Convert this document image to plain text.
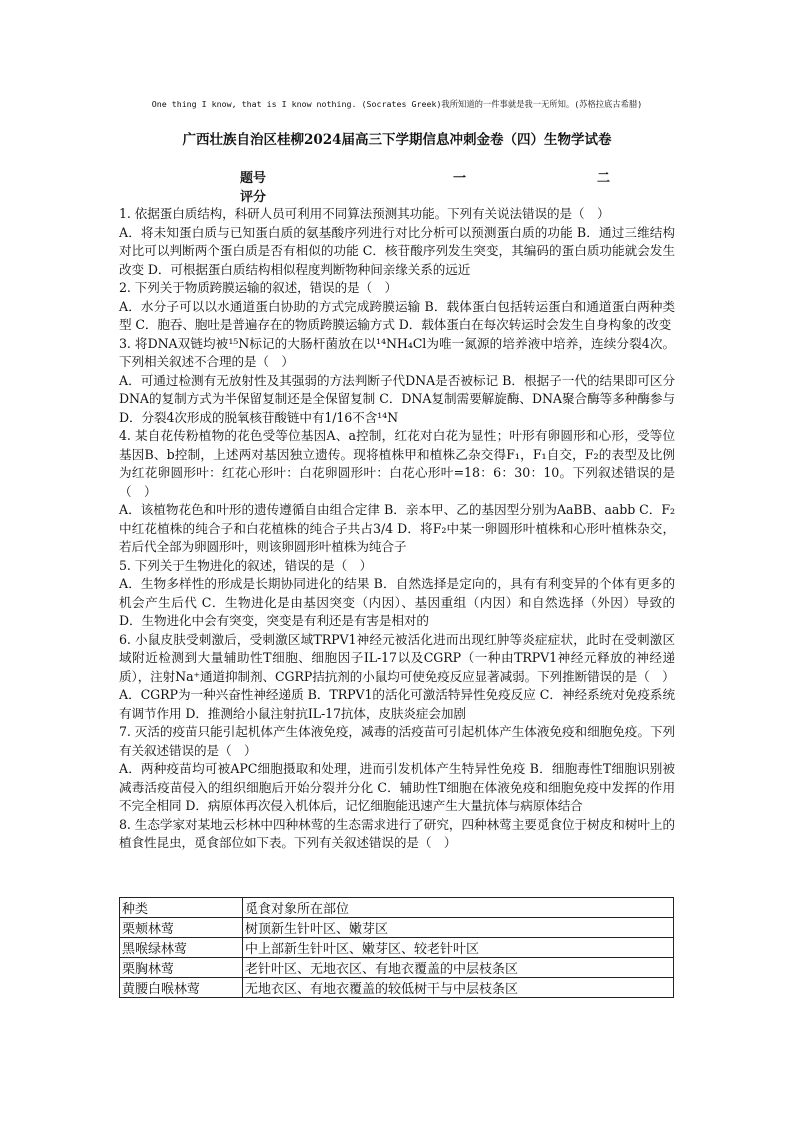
One thing I know, that is I know nothing. (Socrates Greek)我所知道的一件事就是我一无所知。(苏格拉底古希腊)
广西壮族自治区桂柳2024届高三下学期信息冲刺金卷（四）生物学试卷
题号	一	二
评分

1. 依据蛋白质结构，科研人员可利用不同算法预测其功能。下列有关说法错误的是（　）

A．将未知蛋白质与已知蛋白质的氨基酸序列进行对比分析可以预测蛋白质的功能 B．通过三维结构对比可以判断两个蛋白质是否有相似的功能 C．核苷酸序列发生突变，其编码的蛋白质功能就会发生改变 D．可根据蛋白质结构相似程度判断物种间亲缘关系的远近

2. 下列关于物质跨膜运输的叙述，错误的是（　）

A．水分子可以以水通道蛋白协助的方式完成跨膜运输 B．载体蛋白包括转运蛋白和通道蛋白两种类型 C．胞吞、胞吐是普遍存在的物质跨膜运输方式 D．载体蛋白在每次转运时会发生自身构象的改变

3. 将DNA双链均被¹⁵N标记的大肠杆菌放在以¹⁴NH₄Cl为唯一氮源的培养液中培养，连续分裂4次。下列相关叙述不合理的是（　）

A．可通过检测有无放射性及其强弱的方法判断子代DNA是否被标记 B．根据子一代的结果即可区分DNA的复制方式为半保留复制还是全保留复制 C．DNA复制需要解旋酶、DNA聚合酶等多种酶参与 D．分裂4次形成的脱氧核苷酸链中有1/16不含¹⁴N

4. 某自花传粉植物的花色受等位基因A、a控制，红花对白花为显性；叶形有卵圆形和心形，受等位基因B、b控制，上述两对基因独立遗传。现将植株甲和植株乙杂交得F₁，F₁自交，F₂的表型及比例为红花卵圆形叶：红花心形叶：白花卵圆形叶：白花心形叶=18：6：30：10。下列叙述错误的是（　）

A．该植物花色和叶形的遗传遵循自由组合定律 B．亲本甲、乙的基因型分别为AaBB、aabb C．F₂中红花植株的纯合子和白花植株的纯合子共占3/4 D．将F₂中某一卵圆形叶植株和心形叶植株杂交，若后代全部为卵圆形叶，则该卵圆形叶植株为纯合子

5. 下列关于生物进化的叙述，错误的是（　）

A．生物多样性的形成是长期协同进化的结果 B．自然选择是定向的，具有有利变异的个体有更多的机会产生后代 C．生物进化是由基因突变（内因）、基因重组（内因）和自然选择（外因）导致的 D．生物进化中会有突变，突变是有利还是有害是相对的

6. 小鼠皮肤受刺激后，受刺激区域TRPV1神经元被活化进而出现红肿等炎症症状，此时在受刺激区域附近检测到大量辅助性T细胞、细胞因子IL-17以及CGRP（一种由TRPV1神经元释放的神经递质），注射Na⁺通道抑制剂、CGRP拮抗剂的小鼠均可使免疫反应显著减弱。下列推断错误的是（　）

A．CGRP为一种兴奋性神经递质 B．TRPV1的活化可激活特异性免疫反应 C．神经系统对免疫系统有调节作用 D．推测给小鼠注射抗IL-17抗体，皮肤炎症会加剧

7. 灭活的疫苗只能引起机体产生体液免疫，减毒的活疫苗可引起机体产生体液免疫和细胞免疫。下列有关叙述错误的是（　）

A．两种疫苗均可被APC细胞摄取和处理，进而引发机体产生特异性免疫 B．细胞毒性T细胞识别被减毒活疫苗侵入的组织细胞后开始分裂并分化 C．辅助性T细胞在体液免疫和细胞免疫中发挥的作用不完全相同 D．病原体再次侵入机体后，记忆细胞能迅速产生大量抗体与病原体结合

8. 生态学家对某地云杉林中四种林莺的生态需求进行了研究，四种林莺主要觅食位于树皮和树叶上的植食性昆虫，觅食部位如下表。下列有关叙述错误的是（　）

种类	觅食对象所在部位
栗颊林莺	树顶新生针叶区、嫩芽区
黑喉绿林莺	中上部新生针叶区、嫩芽区、较老针叶区
栗胸林莺	老针叶区、无地衣区、有地衣覆盖的中层枝条区
黄腰白喉林莺	无地衣区、有地衣覆盖的较低树干与中层枝条区
